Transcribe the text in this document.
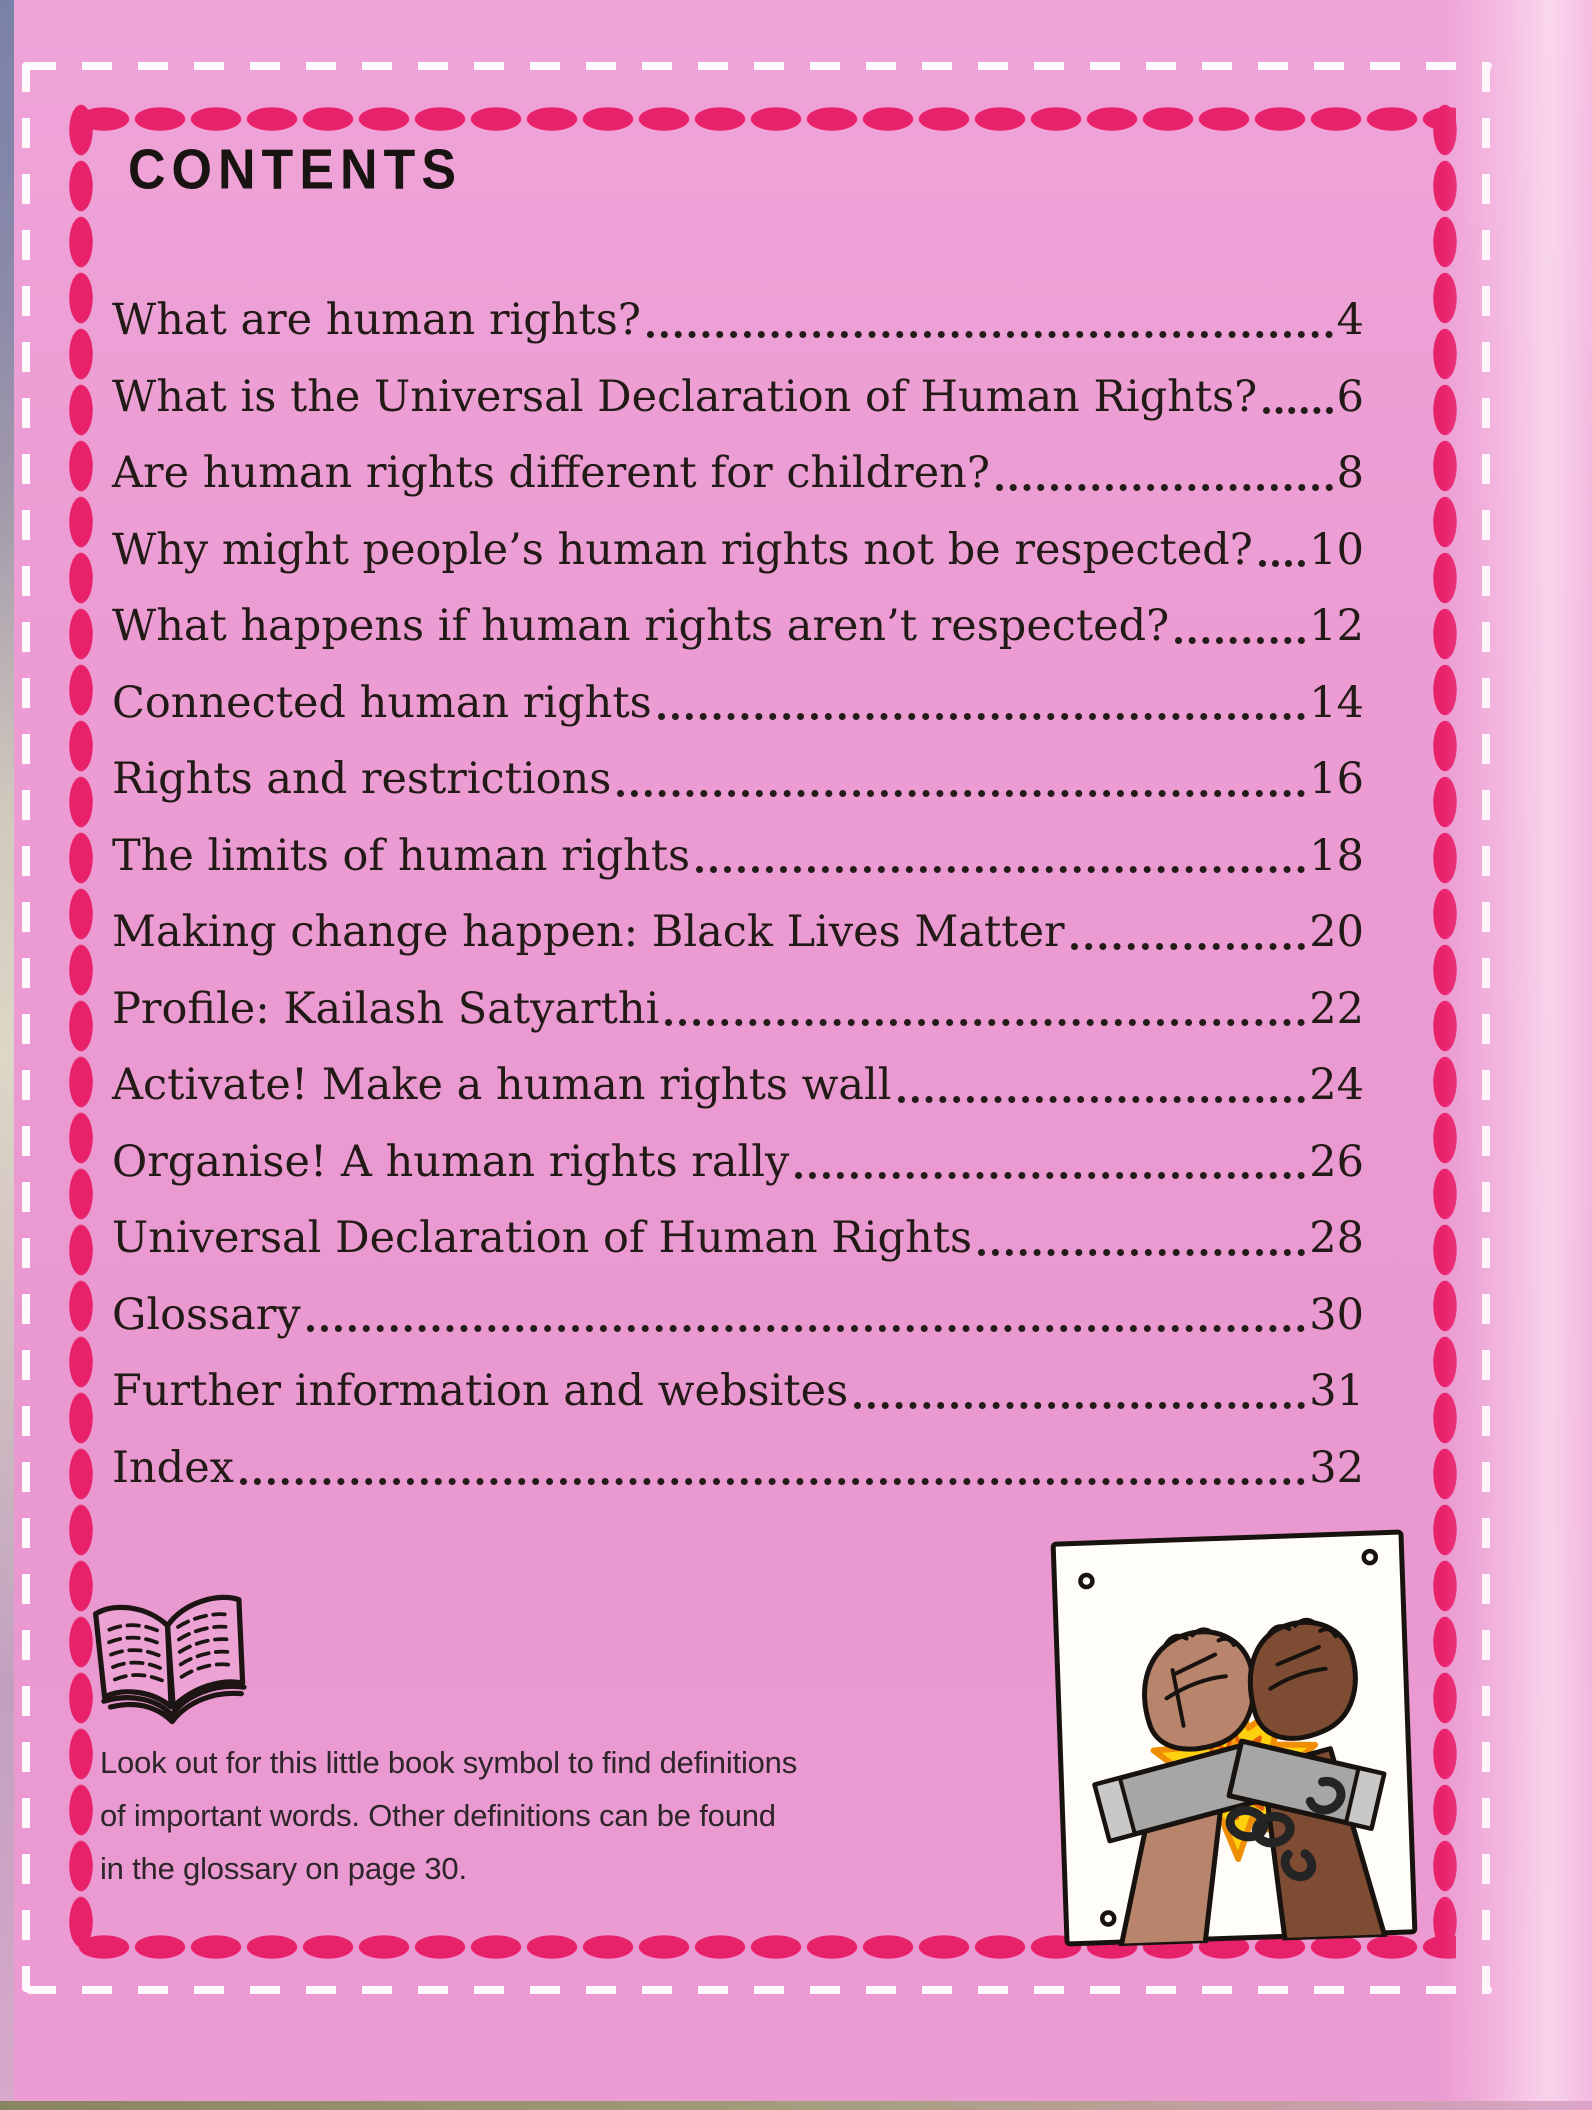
CONTENTS
What are human rights?	4
What is the Universal Declaration of Human Rights? 6
Are human rights different for children?	8
Why might people’s human rights not be respected? 10
What happens if human rights aren’t respected?	12
Connected human rights	14
Rights and restrictions	16
The limits of human rights	18
Making change happen: Black Lives Matter	20
Profile: Kailash Satyarthi	22
Activate! Make a human rights wall	24
Organise! A human rights rally	26
Universal Declaration of Human Rights	28
Glossary	30
Further information and websites	31
Index	32

Look out for this little book symbol to find definitions of important words. Other definitions can be found in the glossary on page 30.
